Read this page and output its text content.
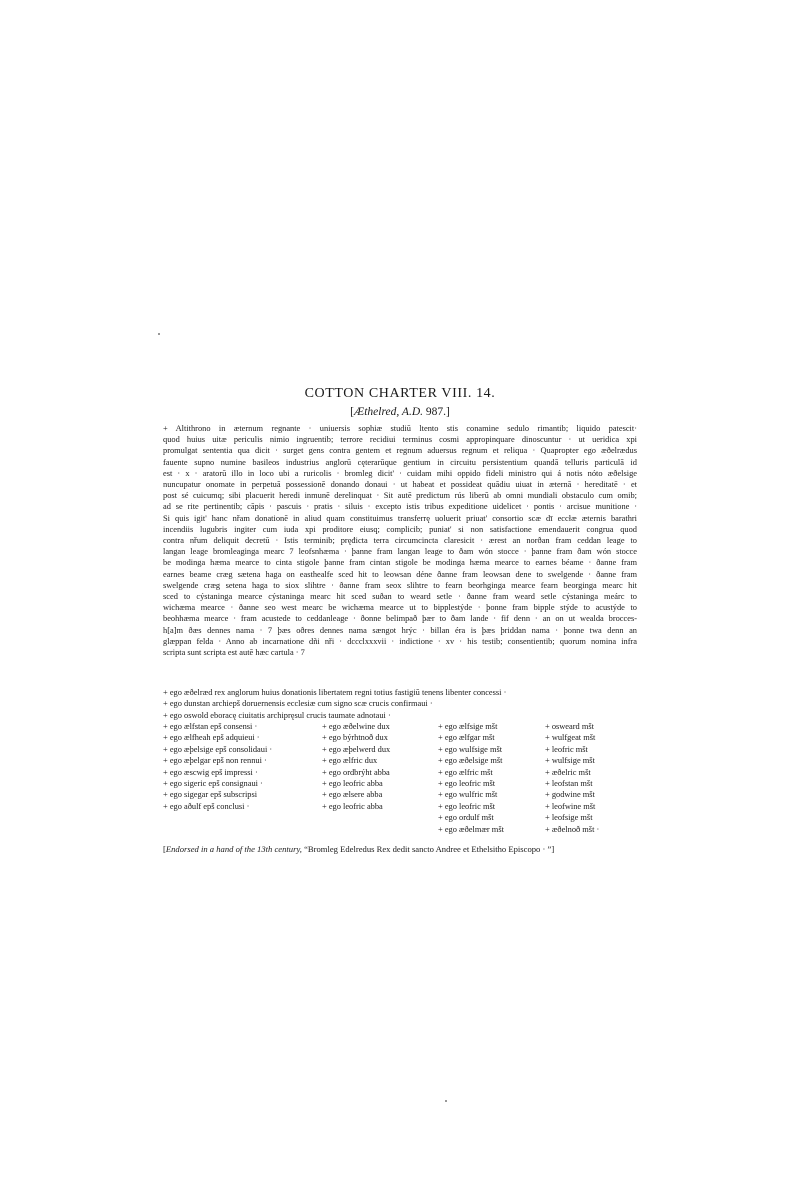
COTTON CHARTER VIII. 14.
[Æthelred, A.D. 987.]
+ Altithrono in æternum regnante · uniuersis sophiæ studiū ltento stis conamine sedulo rimantib; liquido patescit·
quod huius uitæ periculis nimio ingruentib; terrore recidiui terminus cosmi appropinquare dinoscuntur · ut ueridica xpi
promulgat sententia qua dicit · surget gens contra gentem et regnum aduersus regnum et reliqua · Quapropter ego æðelrædus
fauente supno numine basileos industrius anglorū cęterarūque gentium in circuitu persistentium quandā telluris particulā id
est · x · aratorū illo in loco ubi a ruricolis · bromleg dicit' · cuidam mihi oppido fideli ministro qui á notis nóto æðelsige
nuncupatur onomate in perpetuā possessionē donando donaui · ut habeat et possideat quādiu uiuat in æternā · hereditatē · et
post sé cuicumq; sibi placuerit heredi inmunē derelinquat · Sit autē predictum rús liberū ab omni mundiali obstaculo cum omib;
ad se rite pertinentib; cāpis · pascuis · pratis · siluis · excepto istis tribus expeditione uidelicet · pontis · arcisue munitione ·
Si quis igit' hanc nřam donationē in aliud quam constituimus transferrę uoluerit priuat' consortio scæ dī eccłæ æternis barathri
incendiis lugubris ingiter cum iuda xpi proditore eiusq; complicib; puniat' si non satisfactione emendauerit congrua quod
contra nřum deliquit decretū · Istis terminib; pręđicta terra circumcincta claresicit · ærest an norðan fram ceddan leage to
langan leage bromleaginga mearc 7 leofsnhæma · þanne fram langan leage to ðam wón stocce · þanne fram ðam wón stocce
be modinga hæma mearce to cinta stigole þanne fram cintan stigole be modinga hæma mearce to earnes béame · ðanne fram
earnes beame cræg sætena haga on easthealfe sced hit to leowsan déne ðanne fram leowsan dene to swelgende · ðanne fram
swelgende cræg setena haga to siox slihtre · ðanne fram seox slihtre to fearn beorhginga mearce fearn beorginga mearc hit
sced to cýstaninga mearce cýstaninga mearc hit sced suðan to weard setle · ðanne fram weard setle cýstaninga meárc to
wichæma mearce · ðanne seo west mearc be wichæma mearce ut to bipplestýde · þonne fram bipple stýde to acustýde to
beohhæma mearce · fram acustede to ceddanleage · ðonne belimpað þær to ðam lande · fif denn · an on ut wealda brocces-
h[a]m ðæs dennes nama · 7 þæs oðres dennes nama sængot hrýc · billan éra is þæs þriddan nama · þonne twa denn an
glæppan felda · Anno ab incarnatione dñi nři · dccclxxxvii · indictione · xv · his testib; consentientib; quorum nomina infra
scripta sunt scripta est autē hæc cartula · 7
+ ego æðelræd rex anglorum huius donationis libertatem regni totius fastigiū tenens libenter concessi ·
+ ego dunstan archiepš doruernensis ecclesiæ cum signo scæ crucis confirmaui ·
+ ego oswold eboracę ciuitatis archipręsul crucis taumate adnotaui ·
+ ego ælfstan epš consensi ·
+ ego ælfheah epš adquieui ·
+ ego æþelsige epš consolidaui ·
+ ego æþelgar epš non rennui ·
+ ego æscwig epš impressi ·
+ ego sigeric epš consignaui ·
+ ego sigegar epš subscripsi
+ ego aðulf epš conclusi ·
+ ego æðelwine dux
+ ego býrhtnoð dux
+ ego æþelwerd dux
+ ego ælfric dux
+ ego ordbrýht abba
+ ego leofric abba
+ ego ælsere abba
+ ego leofric abba
+ ego ælfsige mšt
+ ego ælfgar mšt
+ ego wulfsige mšt
+ ego æðelsige mšt
+ ego ælfric mšt
+ ego leofric mšt
+ ego wulfric mšt
+ ego leofric mšt
+ ego ordulf mšt
+ ego æðelmær mšt
+ osweard mšt
+ wulfgeat mšt
+ leofric mšt
+ wulfsige mšt
+ æðelric mšt
+ leofstan mšt
+ godwine mšt
+ leofwine mšt
+ leofsige mšt
+ æðelnoð mšt ·
[Endorsed in a hand of the 13th century, “Bromleg Edelredus Rex dedit sancto Andree et Ethelsitho Episcopo · ”]
